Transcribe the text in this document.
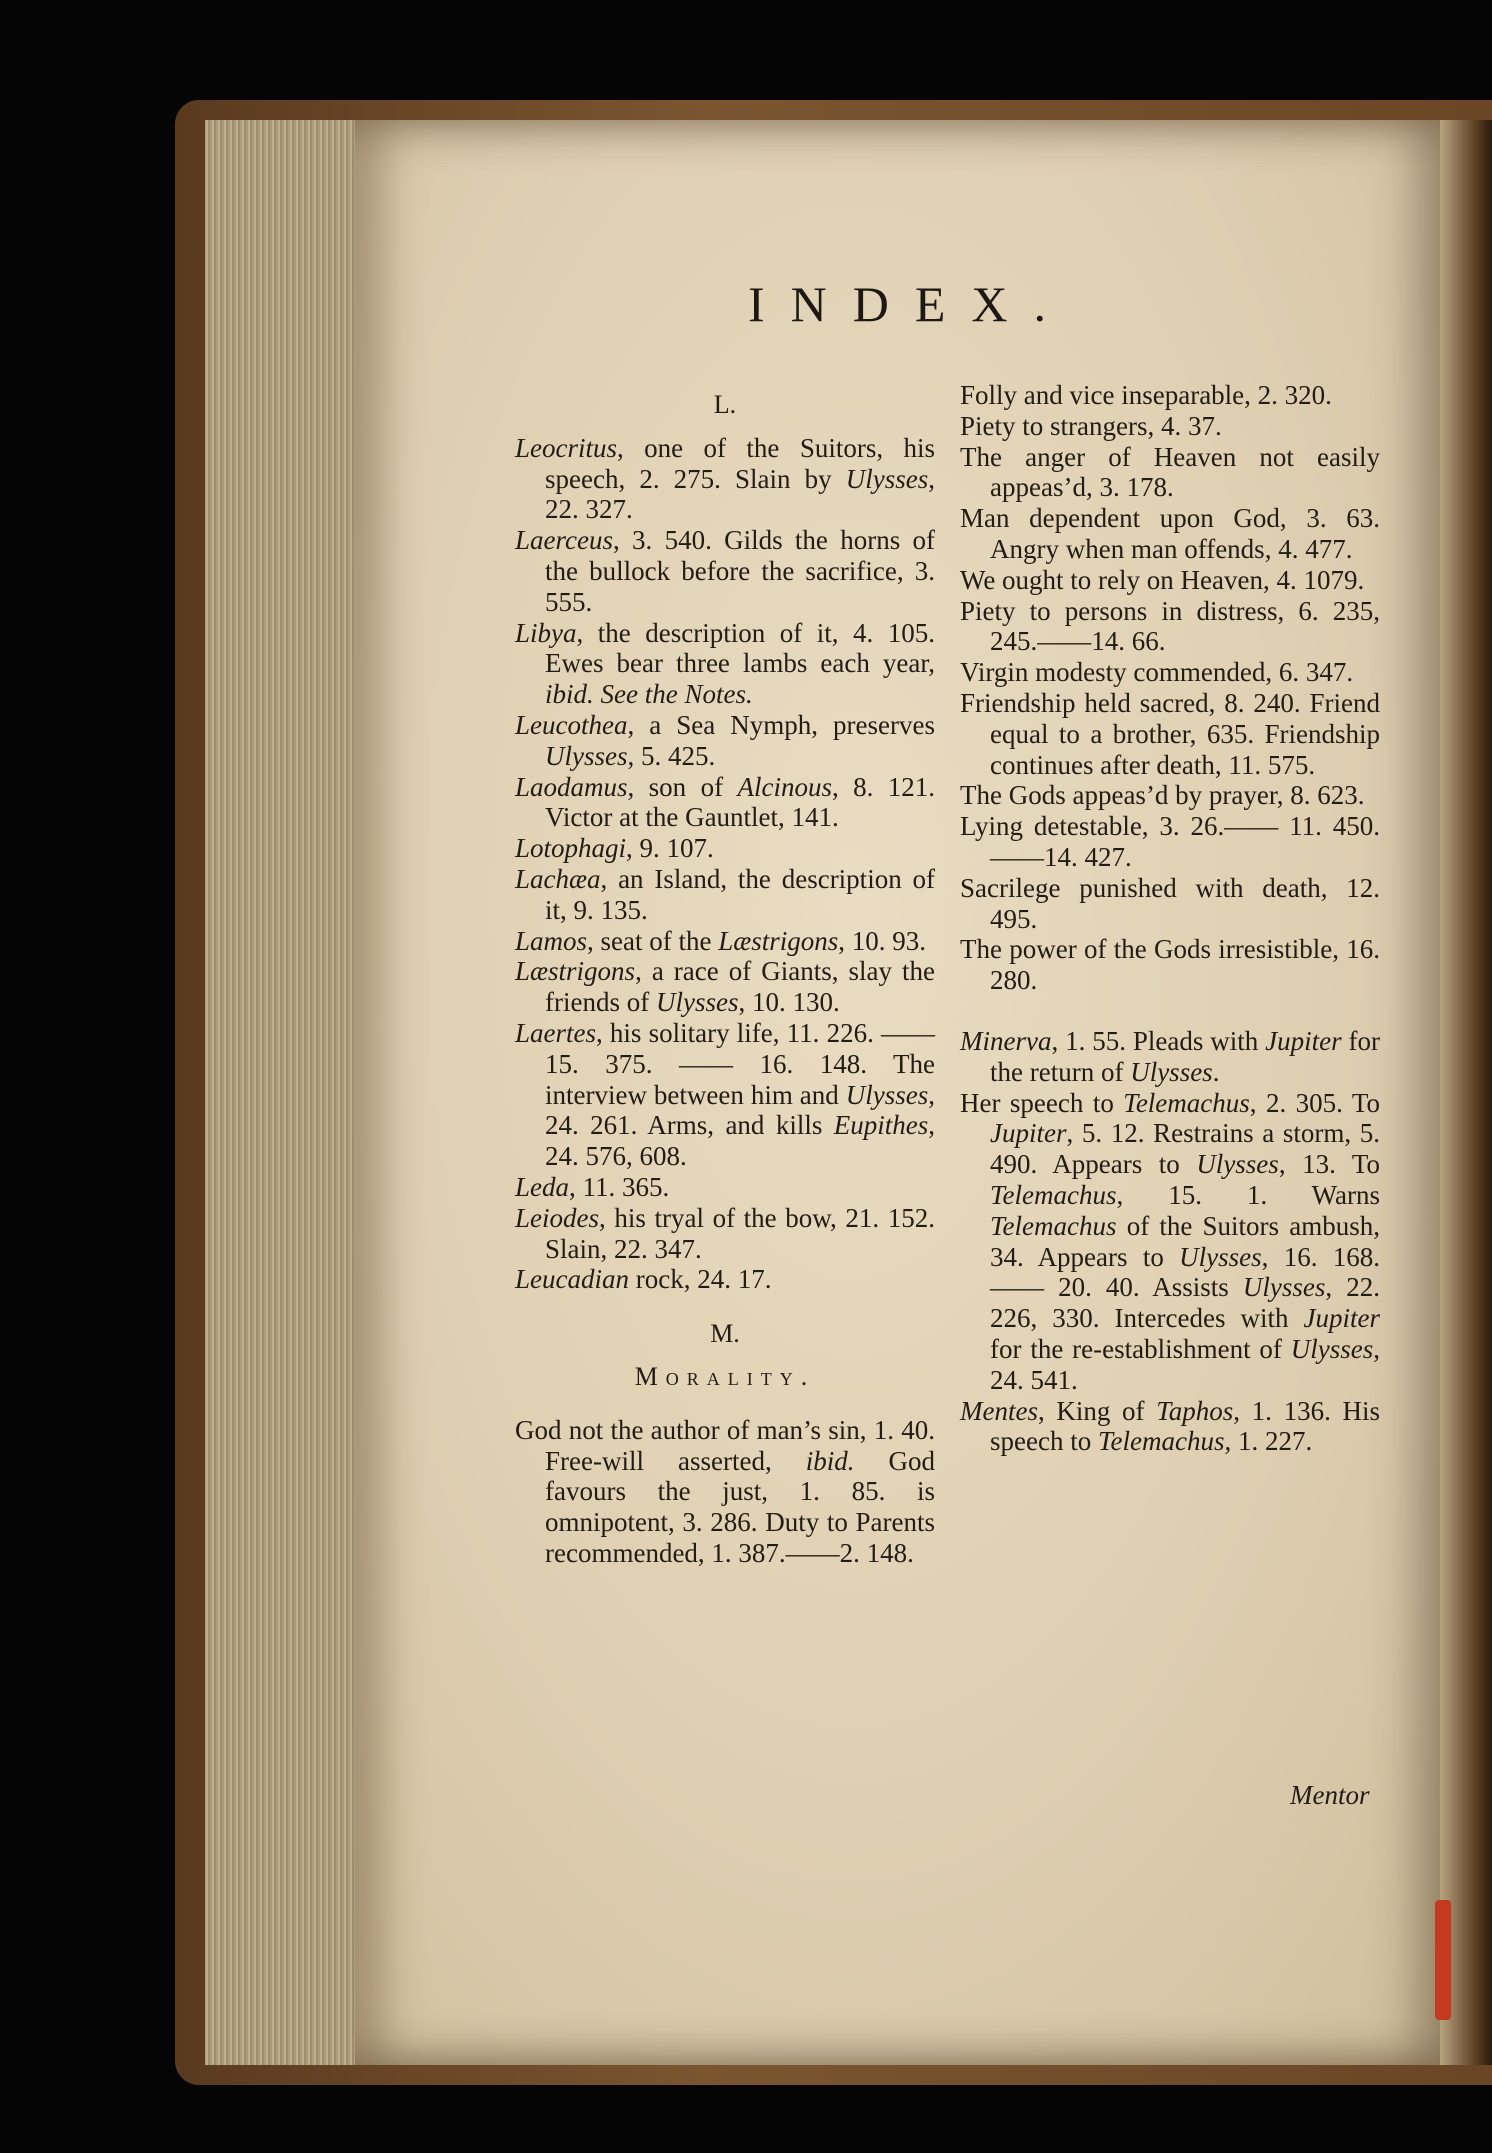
INDEX.
L.

Leocritus, one of the Suitors, his speech, 2. 275. Slain by Ulysses, 22. 327.

Laerceus, 3. 540. Gilds the horns of the bullock before the sacrifice, 3. 555.

Libya, the description of it, 4. 105. Ewes bear three lambs each year, ibid. See the Notes.

Leucothea, a Sea Nymph, preserves Ulysses, 5. 425.

Laodamus, son of Alcinous, 8. 121. Victor at the Gauntlet, 141.

Lotophagi, 9. 107.

Lachæa, an Island, the description of it, 9. 135.

Lamos, seat of the Læstrigons, 10. 93.

Læstrigons, a race of Giants, slay the friends of Ulysses, 10. 130.

Laertes, his solitary life, 11. 226. —— 15. 375. —— 16. 148. The interview between him and Ulysses, 24. 261. Arms, and kills Eupithes, 24. 576, 608.

Leda, 11. 365.

Leiodes, his tryal of the bow, 21. 152. Slain, 22. 347.

Leucadian rock, 24. 17.

M.
Morality.

God not the author of man’s sin, 1. 40. Free-will asserted, ibid. God favours the just, 1. 85. is omnipotent, 3. 286. Duty to Parents recommended, 1. 387.——2. 148.

Folly and vice inseparable, 2. 320.

Piety to strangers, 4. 37.

The anger of Heaven not easily appeas’d, 3. 178.

Man dependent upon God, 3. 63. Angry when man offends, 4. 477.

We ought to rely on Heaven, 4. 1079.

Piety to persons in distress, 6. 235, 245.——14. 66.

Virgin modesty commended, 6. 347.

Friendship held sacred, 8. 240. Friend equal to a brother, 635. Friendship continues after death, 11. 575.

The Gods appeas’d by prayer, 8. 623.

Lying detestable, 3. 26.—— 11. 450.——14. 427.

Sacrilege punished with death, 12. 495.

The power of the Gods irresistible, 16. 280.

Minerva, 1. 55. Pleads with Jupiter for the return of Ulysses.

Her speech to Telemachus, 2. 305. To Jupiter, 5. 12. Restrains a storm, 5. 490. Appears to Ulysses, 13. To Telemachus, 15. 1. Warns Telemachus of the Suitors ambush, 34. Appears to Ulysses, 16. 168. —— 20. 40. Assists Ulysses, 22. 226, 330. Intercedes with Jupiter for the re-establishment of Ulysses, 24. 541.

Mentes, King of Taphos, 1. 136. His speech to Telemachus, 1. 227.

Mentor
